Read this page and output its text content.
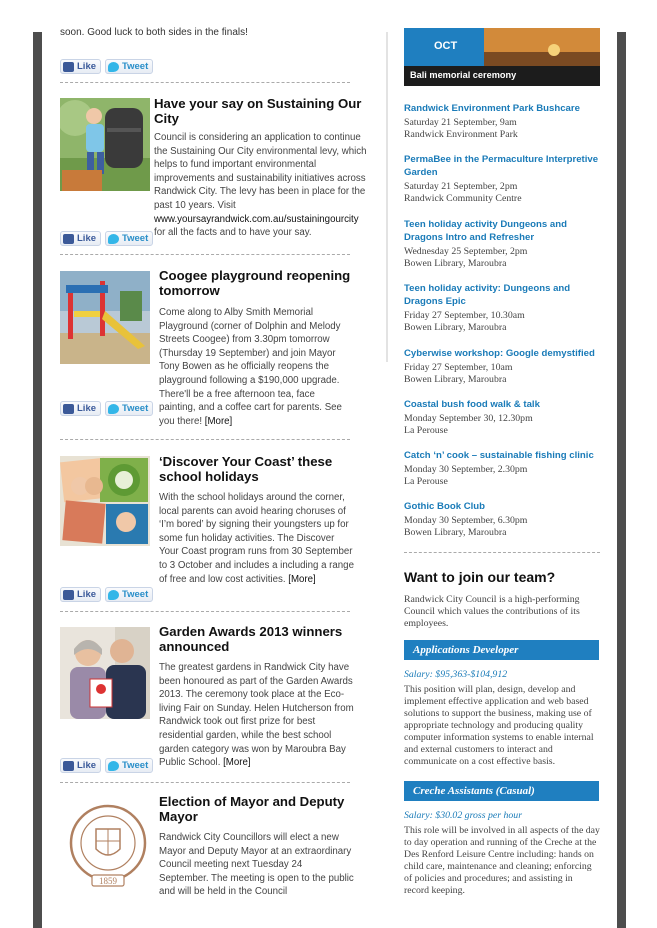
soon. Good luck to both sides in the finals!
Like	Tweet
Have your say on Sustaining Our City
Council is considering an application to continue the Sustaining Our City environmental levy, which helps to fund important environmental improvements and sustainability initiatives across Randwick City. The levy has been in place for the past 10 years. Visit www.yoursayrandwick.com.au/sustainingourcity for all the facts and to have your say.
Like	Tweet
Coogee playground reopening tomorrow
Come along to Alby Smith Memorial Playground (corner of Dolphin and Melody Streets Coogee) from 3.30pm tomorrow (Thursday 19 September) and join Mayor Tony Bowen as he officially reopens the playground following a $190,000 upgrade. There'll be a free afternoon tea, face painting, and a coffee cart for parents. See you there! [More]
Like	Tweet
‘Discover Your Coast’ these school holidays
With the school holidays around the corner, local parents can avoid hearing choruses of ‘I’m bored’ by signing their youngsters up for some fun holiday activities. The Discover Your Coast program runs from 30 September to 3 October and includes a including a range of free and low cost activities. [More]
Like	Tweet
Garden Awards 2013 winners announced
The greatest gardens in Randwick City have been honoured as part of the Garden Awards 2013. The ceremony took place at the Eco-living Fair on Sunday. Helen Hutcherson from Randwick took out first prize for best residential garden, while the best school garden category was won by Maroubra Bay Public School. [More]
Like	Tweet
1859
Election of Mayor and Deputy Mayor
Randwick City Councillors will elect a new Mayor and Deputy Mayor at an extraordinary Council meeting next Tuesday 24 September. The meeting is open to the public and will be held in the Council
OCT
Bali memorial ceremony
Randwick Environment Park Bushcare
Saturday 21 September, 9am
Randwick Environment Park
PermaBee in the Permaculture Interpretive Garden
Saturday 21 September, 2pm
Randwick Community Centre
Teen holiday activity Dungeons and Dragons Intro and Refresher
Wednesday 25 September, 2pm
Bowen Library, Maroubra
Teen holiday activity: Dungeons and Dragons Epic
Friday 27 September, 10.30am
Bowen Library, Maroubra
Cyberwise workshop: Google demystified
Friday 27 September, 10am
Bowen Library, Maroubra
Coastal bush food walk & talk
Monday September 30, 12.30pm
La Perouse
Catch ‘n’ cook – sustainable fishing clinic
Monday 30 September, 2.30pm
La Perouse
Gothic Book Club
Monday 30 September, 6.30pm
Bowen Library, Maroubra
Want to join our team?
Randwick City Council is a high-performing Council which values the contributions of its employees.
Applications Developer
Salary: $95,363-$104,912
This position will plan, design, develop and implement effective application and web based solutions to support the business, making use of appropriate technology and producing quality computer information systems to enable internal and external customers to interact and communicate on a cost effective basis.
Creche Assistants (Casual)
Salary: $30.02 gross per hour
This role will be involved in all aspects of the day to day operation and running of the Creche at the Des Renford Leisure Centre including: hands on child care, maintenance and cleaning; enforcing of policies and procedures; and assisting in record keeping.
